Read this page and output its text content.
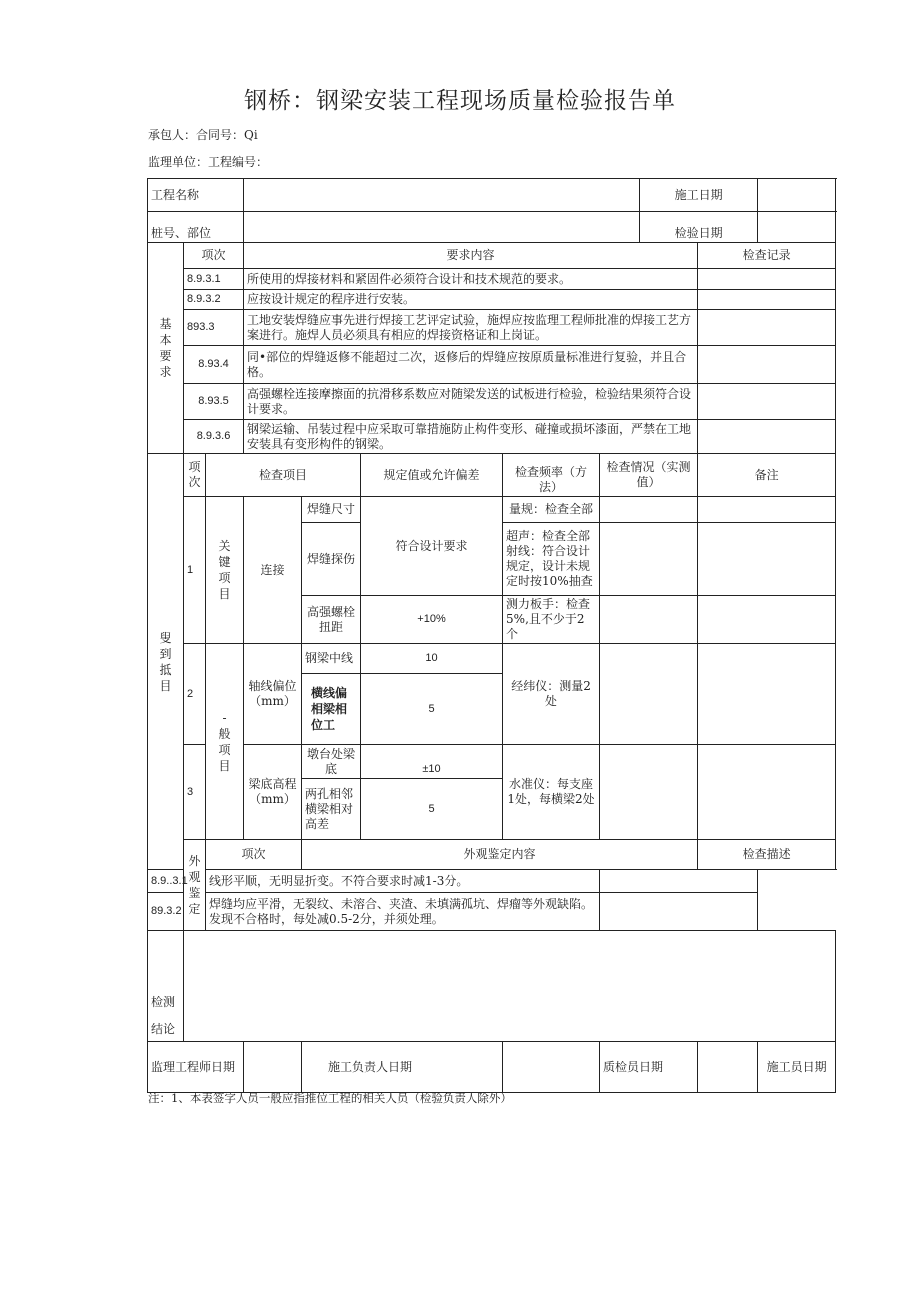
钢桥：钢梁安装工程现场质量检验报告单
承包人：合同号：Qi
监理单位：工程编号：
工程名称								施工日期		
桩号、部位								检验日期		

基本要求	项次		要求内容						检查记录	
	8.9.3.1		所使用的焊接材料和紧固件必须符合设计和技术规范的要求。							
	8.9.3.2		应按设计规定的程序进行安装。							
	893.3		工地安装焊缝应事先进行焊接工艺评定试验，施焊应按监理工程师批准的焊接工艺方案进行。施焊人员必须具有相应的焊接资格证和上岗证。							
	8.93.4		同•部位的焊缝返修不能超过二次，返修后的焊缝应按原质量标准进行复验，并且合格。							
	8.93.5		高强螺栓连接摩擦面的抗滑移系数应对随梁发送的试板进行检验，检验结果须符合设计要求。							
	8.9.3.6		钢梁运输、吊装过程中应采取可靠措施防止构件变形、碰撞或损坏漆面，严禁在工地安装具有变形构件的钢梁。							

叟到抵目	项次	检查项目			规定值或允许偏差	检查频率（方法）	检查情况（实测值）		备注	
	1	关键项目	连接	焊缝尺寸	符合设计要求	量规：检查全部				
				焊缝探伤		超声：检查全部射线：符合设计规定，设计未规定时按10%抽查				
				高强螺栓扭距	+10%	测力板手：检查5%,且不少于2个				
	2	-般项目	轴线偏位（mm）	钢梁中线	10	经纬仪：测量2处				

				横线偏相梁相位工	5					
	3		梁底高程（mm）	墩台处梁底	±10	水准仪：每支座1处，每横梁2处				
				两孔相邻横梁相对高差	5					

	外观鉴定	项次		外观鉴定内容					检查描述	
8.9..3.1		线形平顺，无明显折变。不符合要求时减1-3分。								
89.3.2		焊缝均应平滑，无裂纹、未溶合、夹渣、未填满孤坑、焊瘤等外观缺陷。发现不合格时，每处减0.5-2分，并须处理。								

检测
结论										

监理工程师日期				施工负责人日期			质检员日期			施工员日期
注：1、本表签字人员一般应指推位工程的相关人员（检验负责人除外）
